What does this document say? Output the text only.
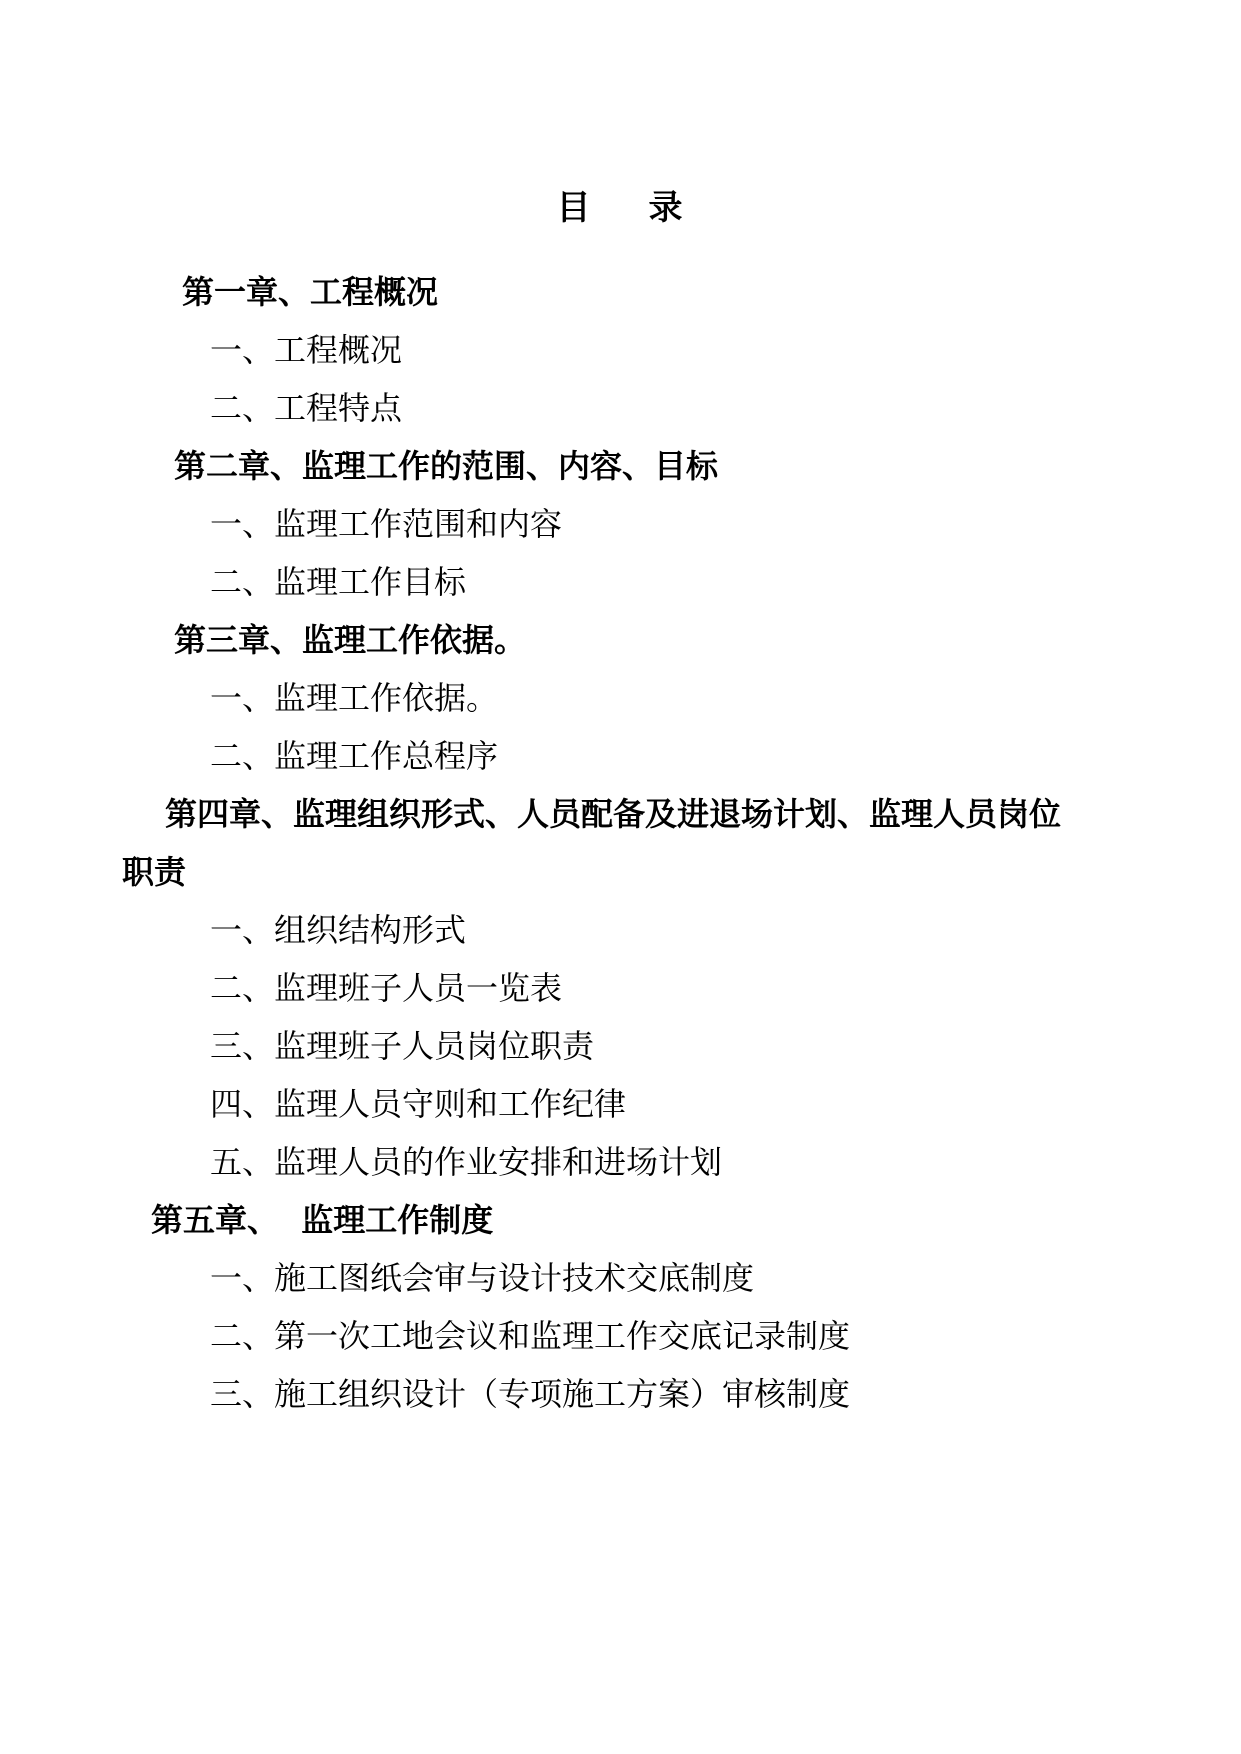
目 录
第一章、工程概况
一、工程概况
二、工程特点
第二章、监理工作的范围、内容、目标
一、监理工作范围和内容
二、监理工作目标
第三章、监理工作依据。
一、监理工作依据。
二、监理工作总程序
第四章、监理组织形式、人员配备及进退场计划、监理人员岗位
职责
一、组织结构形式
二、监理班子人员一览表
三、监理班子人员岗位职责
四、监理人员守则和工作纪律
五、监理人员的作业安排和进场计划
第五章、  监理工作制度
一、施工图纸会审与设计技术交底制度
二、第一次工地会议和监理工作交底记录制度
三、施工组织设计（专项施工方案）审核制度
